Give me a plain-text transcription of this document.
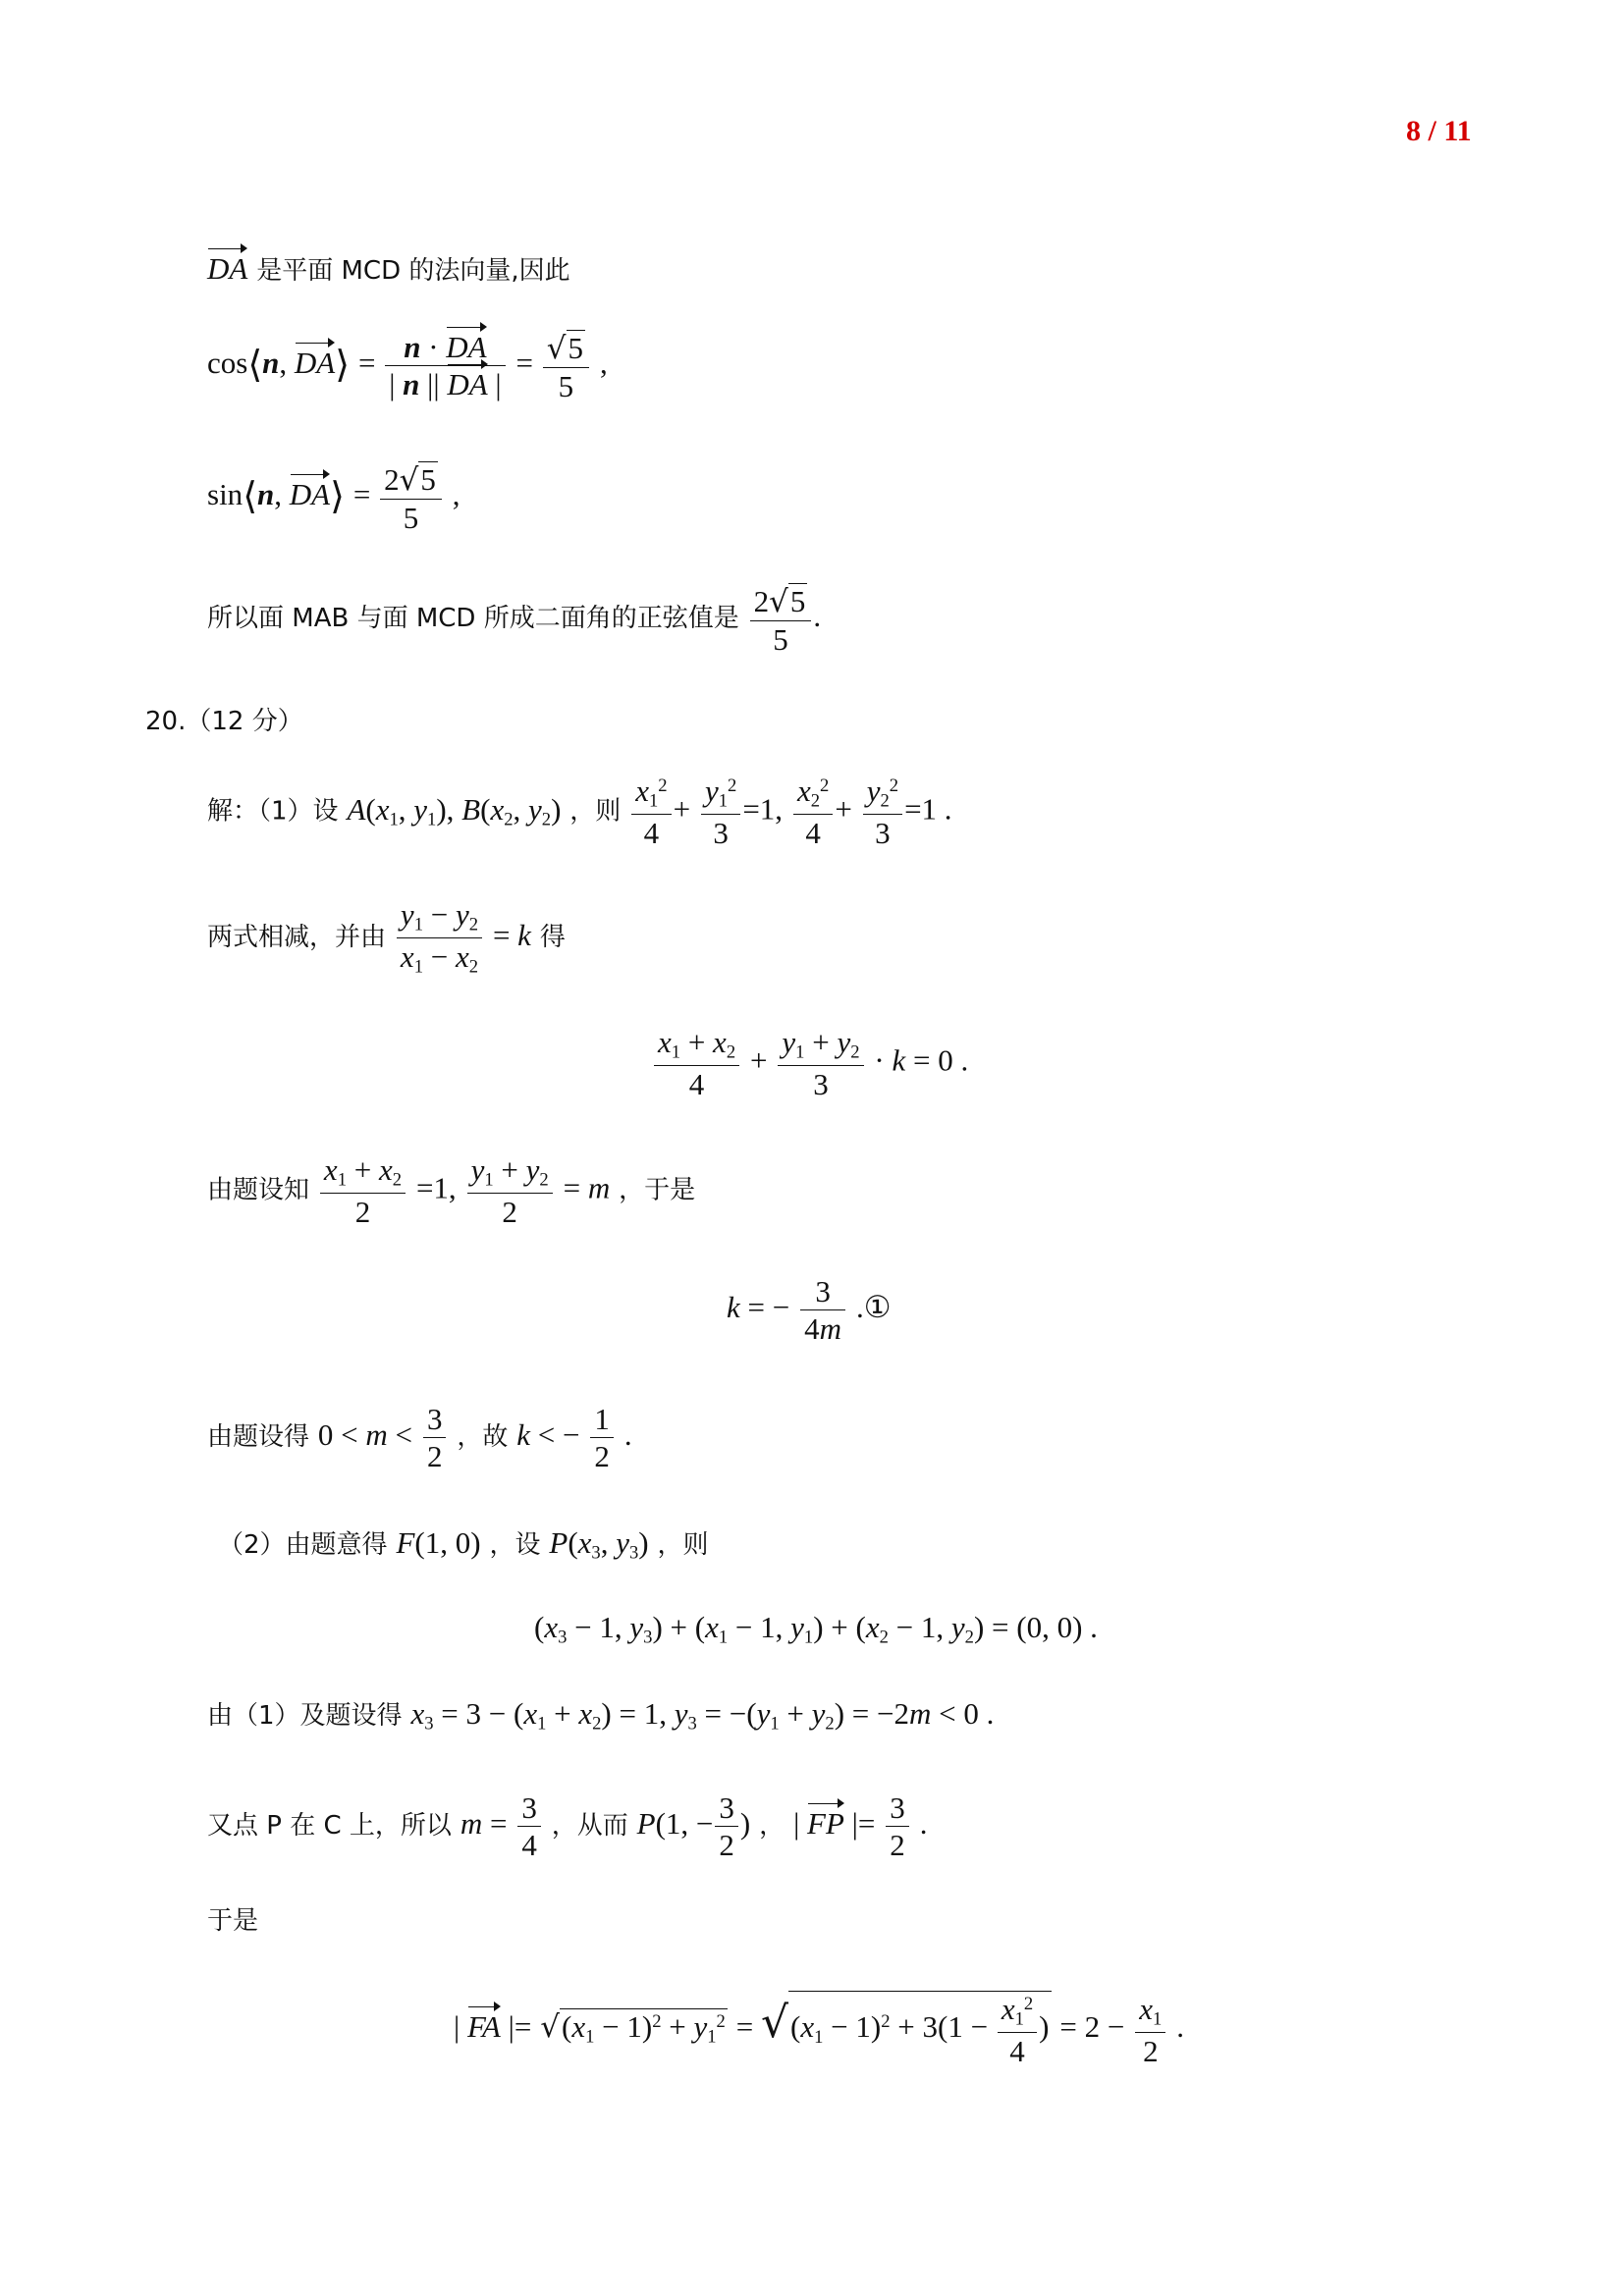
8 / 11
DA 是平面 MCD 的法向量,因此
cos⟨n, DA⟩ = $\frac{n \cdot DA}{| n || DA |} = \frac{√5}{5}$ ,
sin⟨n, DA⟩ = $\frac{2√5}{5}$ ,
所以面 MAB 与面 MCD 所成二面角的正弦值是 $\frac{2√5}{5}$ .
20.（12 分）
解：（1）设 $A(x_1$, $y_1$), $B(x_2$, $y_2$) ，则 $\frac{x_1^2}{4} + \frac{y_1^2}{3} =1$, $\frac{x_2^2}{4} + \frac{y_2^2}{3} =1$ .
两式相减，并由 $\frac{y_1 - y_2}{x_1 - x_2} = k$ 得
$\frac{x_1 + x_2}{4} + \frac{y_1 + y_2}{3} \cdot k = 0$ .
由题设知 $\frac{x_1 + x_2}{2} =1$, $\frac{y_1 + y_2}{2} = m$ ，于是
k = − $\frac{3}{4m}$ .①
由题设得 $0 < m < \frac{3}{2}$ ，故 k < − $\frac{1}{2}$ .
（2）由题意得 F(1, 0) ，设 $P(x_3$, $y_3$) ，则
($x_3 - 1$, $y_3) + (x_1 - 1$, $y_1) + (x_2 - 1$, $y_2) = (0$, 0) .
由（1）及题设得 $x_3 = 3 - (x_1 + x_2) = 1$, $y_3 = -(y_1 + y_2) = -2m < 0$ .
又点 P 在 C 上，所以 $m = \frac{3}{4}$ ，从而 P(1, − $\frac{3}{2}$ ) ， | FP |= $\frac{3}{2}$ .
于是
| FA |= $√(x_1 - 1)^2 + y_1^2 = √(x_1 - 1)^2 + 3(1 - \frac{x_1^2}{4}$ ) = $2 - \frac{x_1}{2}$ .
